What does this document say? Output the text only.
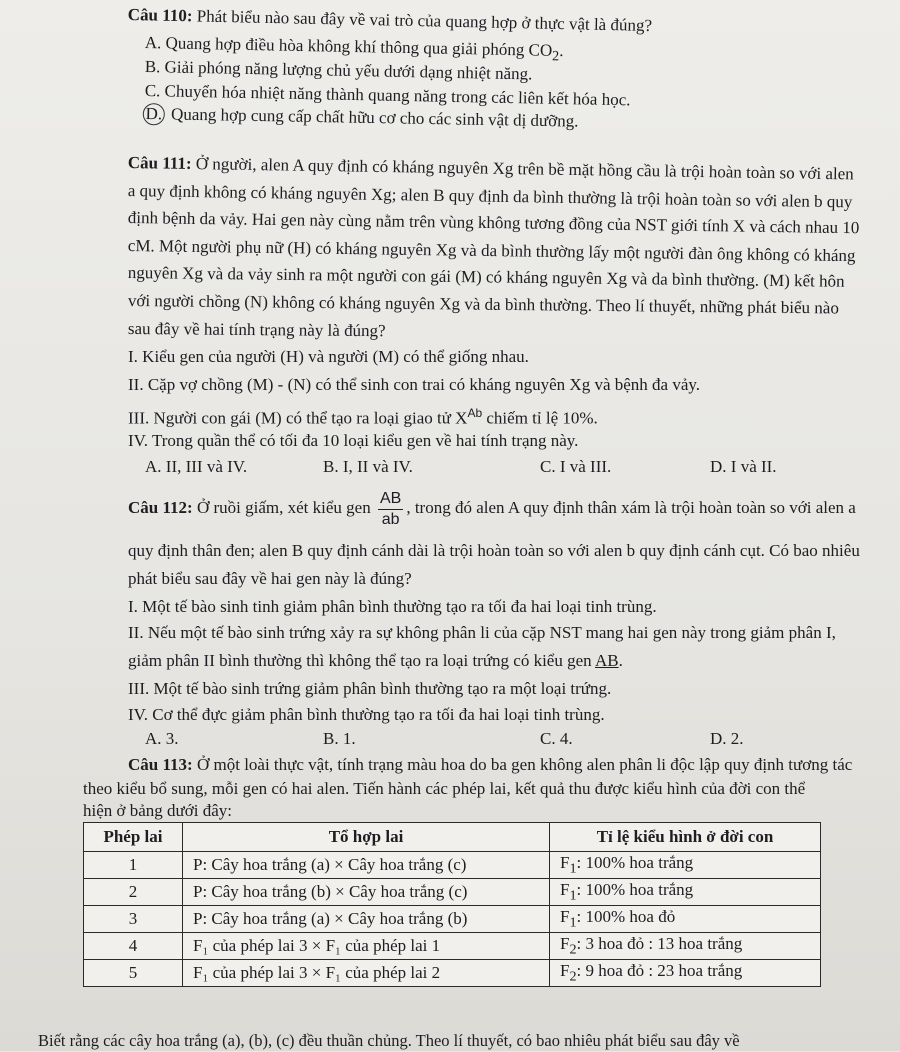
Câu 110: Phát biểu nào sau đây về vai trò của quang hợp ở thực vật là đúng?
A. Quang hợp điều hòa không khí thông qua giải phóng $CO_2$.
B. Giải phóng năng lượng chủ yếu dưới dạng nhiệt năng.
C. Chuyển hóa nhiệt năng thành quang năng trong các liên kết hóa học.
D. Quang hợp cung cấp chất hữu cơ cho các sinh vật dị dưỡng.
Câu 111: Ở người, alen A quy định có kháng nguyên Xg trên bề mặt hồng cầu là trội hoàn toàn so với alen
a quy định không có kháng nguyên Xg; alen B quy định da bình thường là trội hoàn toàn so với alen b quy
định bệnh da vảy. Hai gen này cùng nằm trên vùng không tương đồng của NST giới tính X và cách nhau 10
cM. Một người phụ nữ (H) có kháng nguyên Xg và da bình thường lấy một người đàn ông không có kháng
nguyên Xg và da vảy sinh ra một người con gái (M) có kháng nguyên Xg và da bình thường. (M) kết hôn
với người chồng (N) không có kháng nguyên Xg và da bình thường. Theo lí thuyết, những phát biểu nào
sau đây về hai tính trạng này là đúng?
I. Kiểu gen của người (H) và người (M) có thể giống nhau.
II. Cặp vợ chồng (M) - (N) có thể sinh con trai có kháng nguyên Xg và bệnh đa vảy.
III. Người con gái (M) có thể tạo ra loại giao tử $X^{Ab}$ chiếm tỉ lệ 10%.
IV. Trong quần thể có tối đa 10 loại kiểu gen về hai tính trạng này.
A. II, III và IV.	B. I, II và IV.	C. I và III.	D. I và II.
Câu 112: Ở ruồi giấm, xét kiểu gen $\frac{AB}{ab}$ , trong đó alen A quy định thân xám là trội hoàn toàn so với alen a
quy định thân đen; alen B quy định cánh dài là trội hoàn toàn so với alen b quy định cánh cụt. Có bao nhiêu
phát biểu sau đây về hai gen này là đúng?
I. Một tế bào sinh tinh giảm phân bình thường tạo ra tối đa hai loại tinh trùng.
II. Nếu một tế bào sinh trứng xảy ra sự không phân li của cặp NST mang hai gen này trong giảm phân I,
giảm phân II bình thường thì không thể tạo ra loại trứng có kiểu gen AB.
III. Một tế bào sinh trứng giảm phân bình thường tạo ra một loại trứng.
IV. Cơ thể đực giảm phân bình thường tạo ra tối đa hai loại tinh trùng.
A. 3.	B. 1.	C. 4.	D. 2.
Câu 113: Ở một loài thực vật, tính trạng màu hoa do ba gen không alen phân li độc lập quy định tương tác
theo kiểu bổ sung, mỗi gen có hai alen. Tiến hành các phép lai, kết quả thu được kiểu hình của đời con thể
hiện ở bảng dưới đây:
Phép lai	Tổ hợp lai	Tỉ lệ kiểu hình ở đời con
1	P: Cây hoa trắng (a) × Cây hoa trắng (c)	$F_1$: 100% hoa trắng
2	P: Cây hoa trắng (b) × Cây hoa trắng (c)	$F_1$: 100% hoa trắng
3	P: Cây hoa trắng (a) × Cây hoa trắng (b)	$F_1$: 100% hoa đỏ
4	F₁ của phép lai 3 × F₁ của phép lai 1	$F_2$: 3 hoa đỏ : 13 hoa trắng
5	F₁ của phép lai 3 × F₁ của phép lai 2	$F_2$: 9 hoa đỏ : 23 hoa trắng
Biết rằng các cây hoa trắng (a), (b), (c) đều thuần chủng. Theo lí thuyết, có bao nhiêu phát biểu sau đây về
